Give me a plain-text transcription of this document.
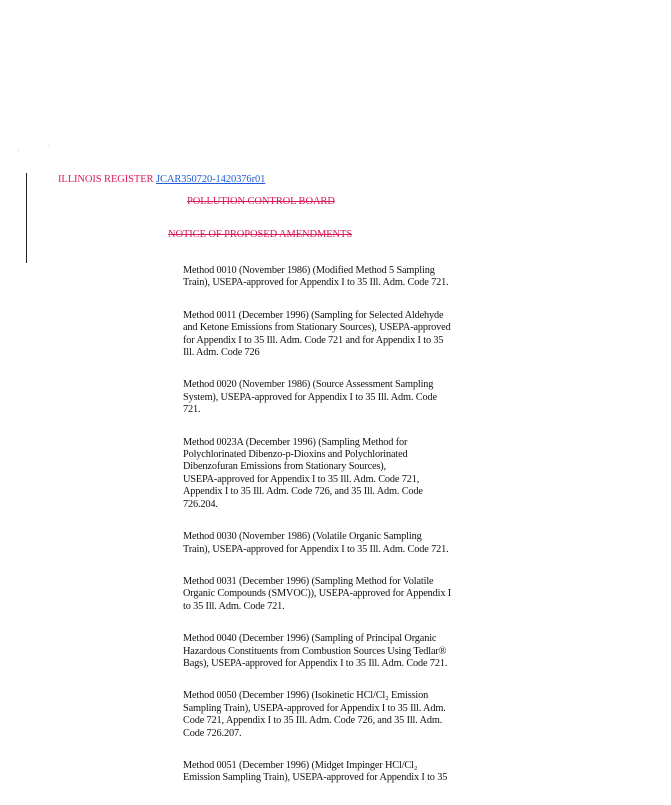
·
·
ILLINOIS REGISTER JCAR350720-1420376r01
POLLUTION CONTROL BOARD
NOTICE OF PROPOSED AMENDMENTS

Method 0010 (November 1986) (Modified Method 5 Sampling

Train), USEPA-approved for Appendix I to 35 Ill. Adm. Code 721.

Method 0011 (December 1996) (Sampling for Selected Aldehyde

and Ketone Emissions from Stationary Sources), USEPA-approved

for Appendix I to 35 Ill. Adm. Code 721 and for Appendix I to 35

Ill. Adm. Code 726

Method 0020 (November 1986) (Source Assessment Sampling

System), USEPA-approved for Appendix I to 35 Ill. Adm. Code

721.

Method 0023A (December 1996) (Sampling Method for

Polychlorinated Dibenzo-p-Dioxins and Polychlorinated

Dibenzofuran Emissions from Stationary Sources),

USEPA-approved for Appendix I to 35 Ill. Adm. Code 721,

Appendix I to 35 Ill. Adm. Code 726, and 35 Ill. Adm. Code

726.204.

Method 0030 (November 1986) (Volatile Organic Sampling

Train), USEPA-approved for Appendix I to 35 Ill. Adm. Code 721.

Method 0031 (December 1996) (Sampling Method for Volatile

Organic Compounds (SMVOC)), USEPA-approved for Appendix I

to 35 Ill. Adm. Code 721.

Method 0040 (December 1996) (Sampling of Principal Organic

Hazardous Constituents from Combustion Sources Using Tedlar®

Bags), USEPA-approved for Appendix I to 35 Ill. Adm. Code 721.

Method 0050 (December 1996) (Isokinetic HCl/Cl₂ Emission

Sampling Train), USEPA-approved for Appendix I to 35 Ill. Adm.

Code 721, Appendix I to 35 Ill. Adm. Code 726, and 35 Ill. Adm.

Code 726.207.

Method 0051 (December 1996) (Midget Impinger HCl/Cl₂

Emission Sampling Train), USEPA-approved for Appendix I to 35
